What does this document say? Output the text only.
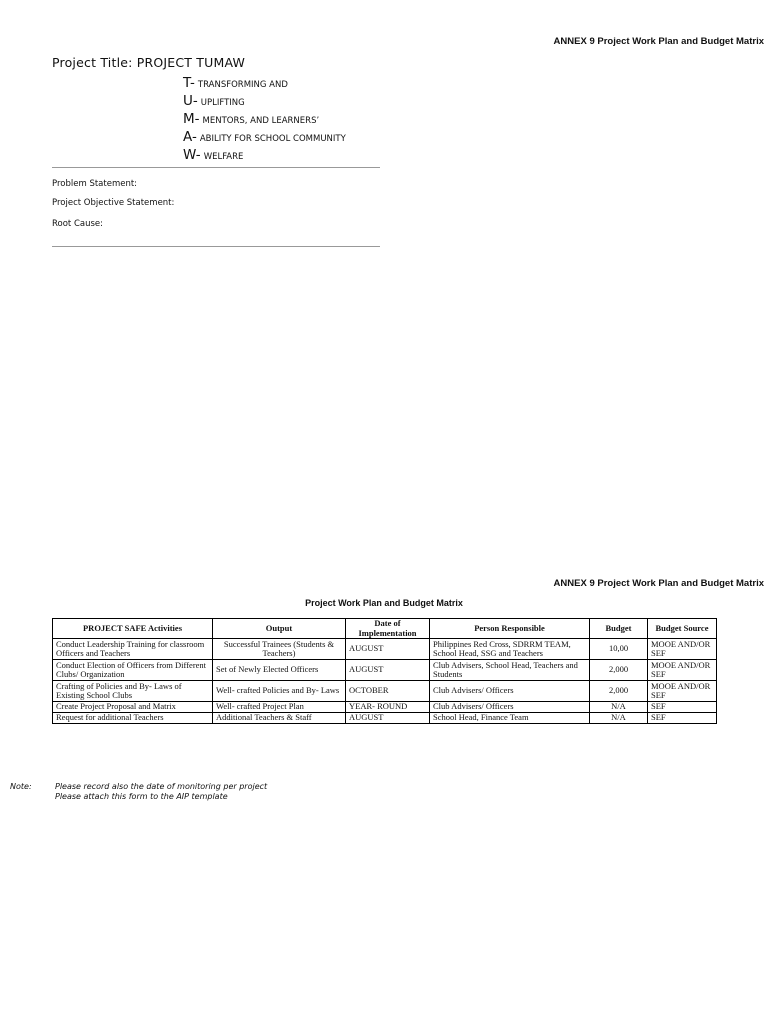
ANNEX 9 Project Work Plan and Budget Matrix
Project Title: PROJECT TUMAW
T- TRANSFORMING AND
U- UPLIFTING
M- MENTORS, AND LEARNERS’
A- ABILITY FOR SCHOOL COMMUNITY
W- WELFARE
Problem Statement:
Project Objective Statement:
Root Cause:
ANNEX 9 Project Work Plan and Budget Matrix
Project Work Plan and Budget Matrix
PROJECT SAFE Activities	Output	Date of Implementation	Person Responsible	Budget	Budget Source
Conduct Leadership Training for classroom Officers and Teachers	Successful Trainees (Students & Teachers)	AUGUST	Philippines Red Cross, SDRRM TEAM, School Head, SSG and Teachers	10,00	MOOE AND/OR SEF
Conduct Election of Officers from Different Clubs/ Organization	Set of Newly Elected Officers	AUGUST	Club Advisers, School Head, Teachers and Students	2,000	MOOE AND/OR SEF
Crafting of Policies and By- Laws of Existing School Clubs	Well- crafted Policies and By- Laws	OCTOBER	Club Advisers/ Officers	2,000	MOOE AND/OR SEF
Create Project Proposal and Matrix	Well- crafted Project Plan	YEAR- ROUND	Club Advisers/ Officers	N/A	SEF
Request for additional Teachers	Additional Teachers & Staff	AUGUST	School Head, Finance Team	N/A	SEF
Note:	Please record also the date of monitoring per project
Please attach this form to the AIP template
